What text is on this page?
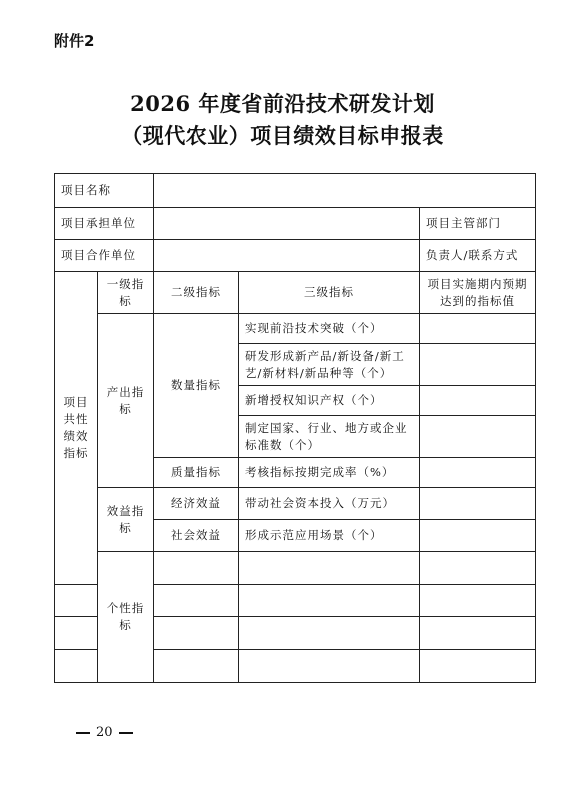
附件2
2026 年度省前沿技术研发计划
（现代农业）项目绩效目标申报表
项目名称					
项目承担单位				项目主管部门	
项目合作单位				负责人/联系方式	
项目共性绩效指标	一级指标	二级指标	三级指标	项目实施期内预期达到的指标值	
	产出指标	数量指标	实现前沿技术突破（个）		
			研发形成新产品/新设备/新工艺/新材料/新品种等（个）		
			新增授权知识产权（个）		
			制定国家、行业、地方或企业标准数（个）		
		质量指标	考核指标按期完成率（%）		
	效益指标	经济效益	带动社会资本投入（万元）		
		社会效益	形成示范应用场景（个）		
	个性指标				

20
